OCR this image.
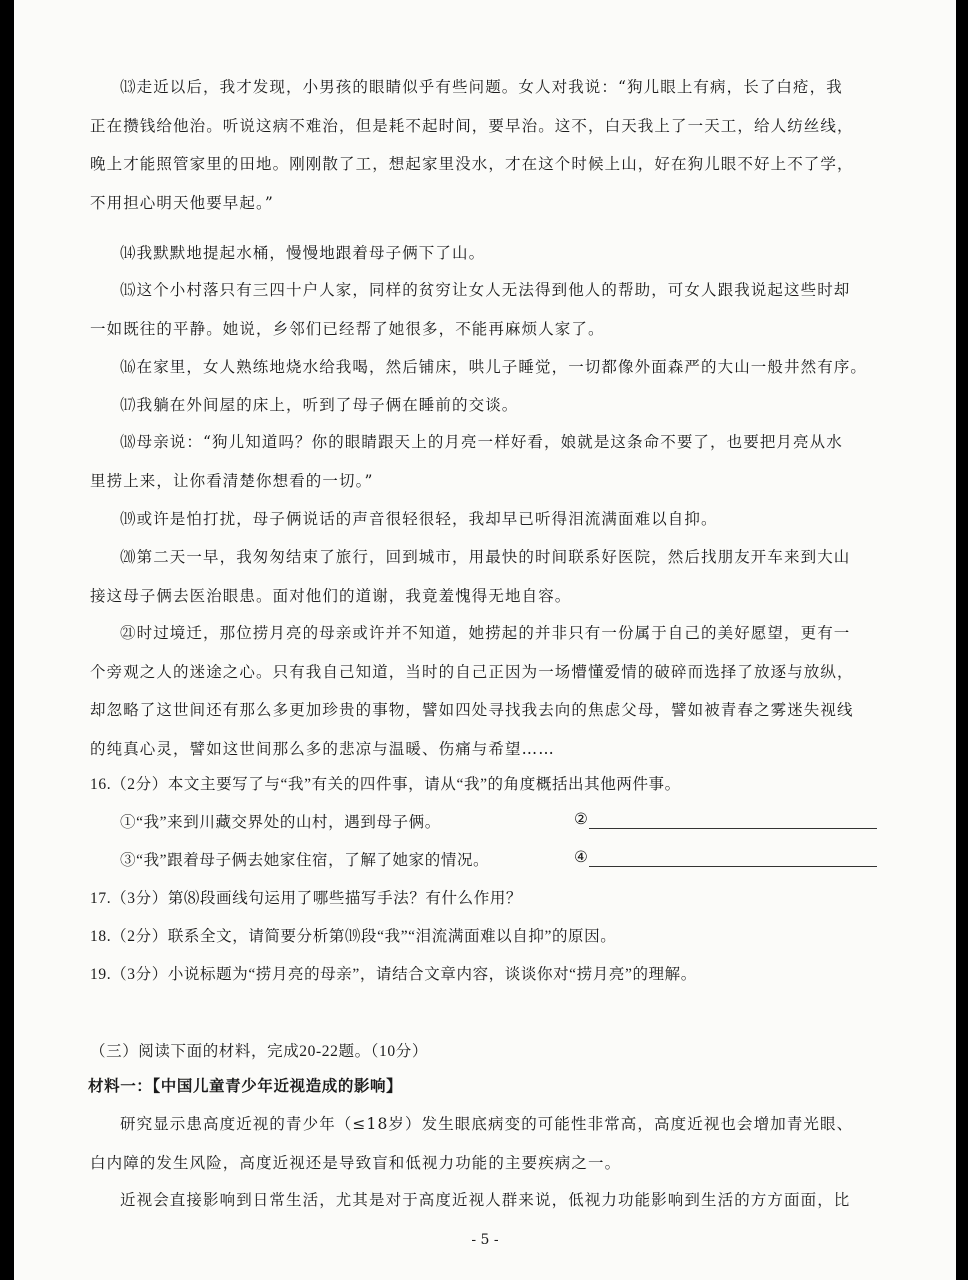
⒀走近以后，我才发现，小男孩的眼睛似乎有些问题。女人对我说：“狗儿眼上有病，长了白疮，我
正在攒钱给他治。听说这病不难治，但是耗不起时间，要早治。这不，白天我上了一天工，给人纺丝线，
晚上才能照管家里的田地。刚刚散了工，想起家里没水，才在这个时候上山，好在狗儿眼不好上不了学，
不用担心明天他要早起。”
⒁我默默地提起水桶，慢慢地跟着母子俩下了山。
⒂这个小村落只有三四十户人家，同样的贫穷让女人无法得到他人的帮助，可女人跟我说起这些时却
一如既往的平静。她说，乡邻们已经帮了她很多，不能再麻烦人家了。
⒃在家里，女人熟练地烧水给我喝，然后铺床，哄儿子睡觉，一切都像外面森严的大山一般井然有序。
⒄我躺在外间屋的床上，听到了母子俩在睡前的交谈。
⒅母亲说：“狗儿知道吗？你的眼睛跟天上的月亮一样好看，娘就是这条命不要了，也要把月亮从水
里捞上来，让你看清楚你想看的一切。”
⒆或许是怕打扰，母子俩说话的声音很轻很轻，我却早已听得泪流满面难以自抑。
⒇第二天一早，我匆匆结束了旅行，回到城市，用最快的时间联系好医院，然后找朋友开车来到大山
接这母子俩去医治眼患。面对他们的道谢，我竟羞愧得无地自容。
㉑时过境迁，那位捞月亮的母亲或许并不知道，她捞起的并非只有一份属于自己的美好愿望，更有一
个旁观之人的迷途之心。只有我自己知道，当时的自己正因为一场懵懂爱情的破碎而选择了放逐与放纵，
却忽略了这世间还有那么多更加珍贵的事物，譬如四处寻找我去向的焦虑父母，譬如被青春之雾迷失视线
的纯真心灵，譬如这世间那么多的悲凉与温暖、伤痛与希望……
16.（2分）本文主要写了与“我”有关的四件事，请从“我”的角度概括出其他两件事。
①“我”来到川藏交界处的山村，遇到母子俩。	②
③“我”跟着母子俩去她家住宿，了解了她家的情况。	④
17.（3分）第⑻段画线句运用了哪些描写手法？有什么作用？
18.（2分）联系全文，请简要分析第⒆段“我”“泪流满面难以自抑”的原因。
19.（3分）小说标题为“捞月亮的母亲”，请结合文章内容，谈谈你对“捞月亮”的理解。
（三）阅读下面的材料，完成20-22题。（10分）
材料一：【中国儿童青少年近视造成的影响】
研究显示患高度近视的青少年（≤18岁）发生眼底病变的可能性非常高，高度近视也会增加青光眼、
白内障的发生风险，高度近视还是导致盲和低视力功能的主要疾病之一。
近视会直接影响到日常生活，尤其是对于高度近视人群来说，低视力功能影响到生活的方方面面，比
- 5 -
